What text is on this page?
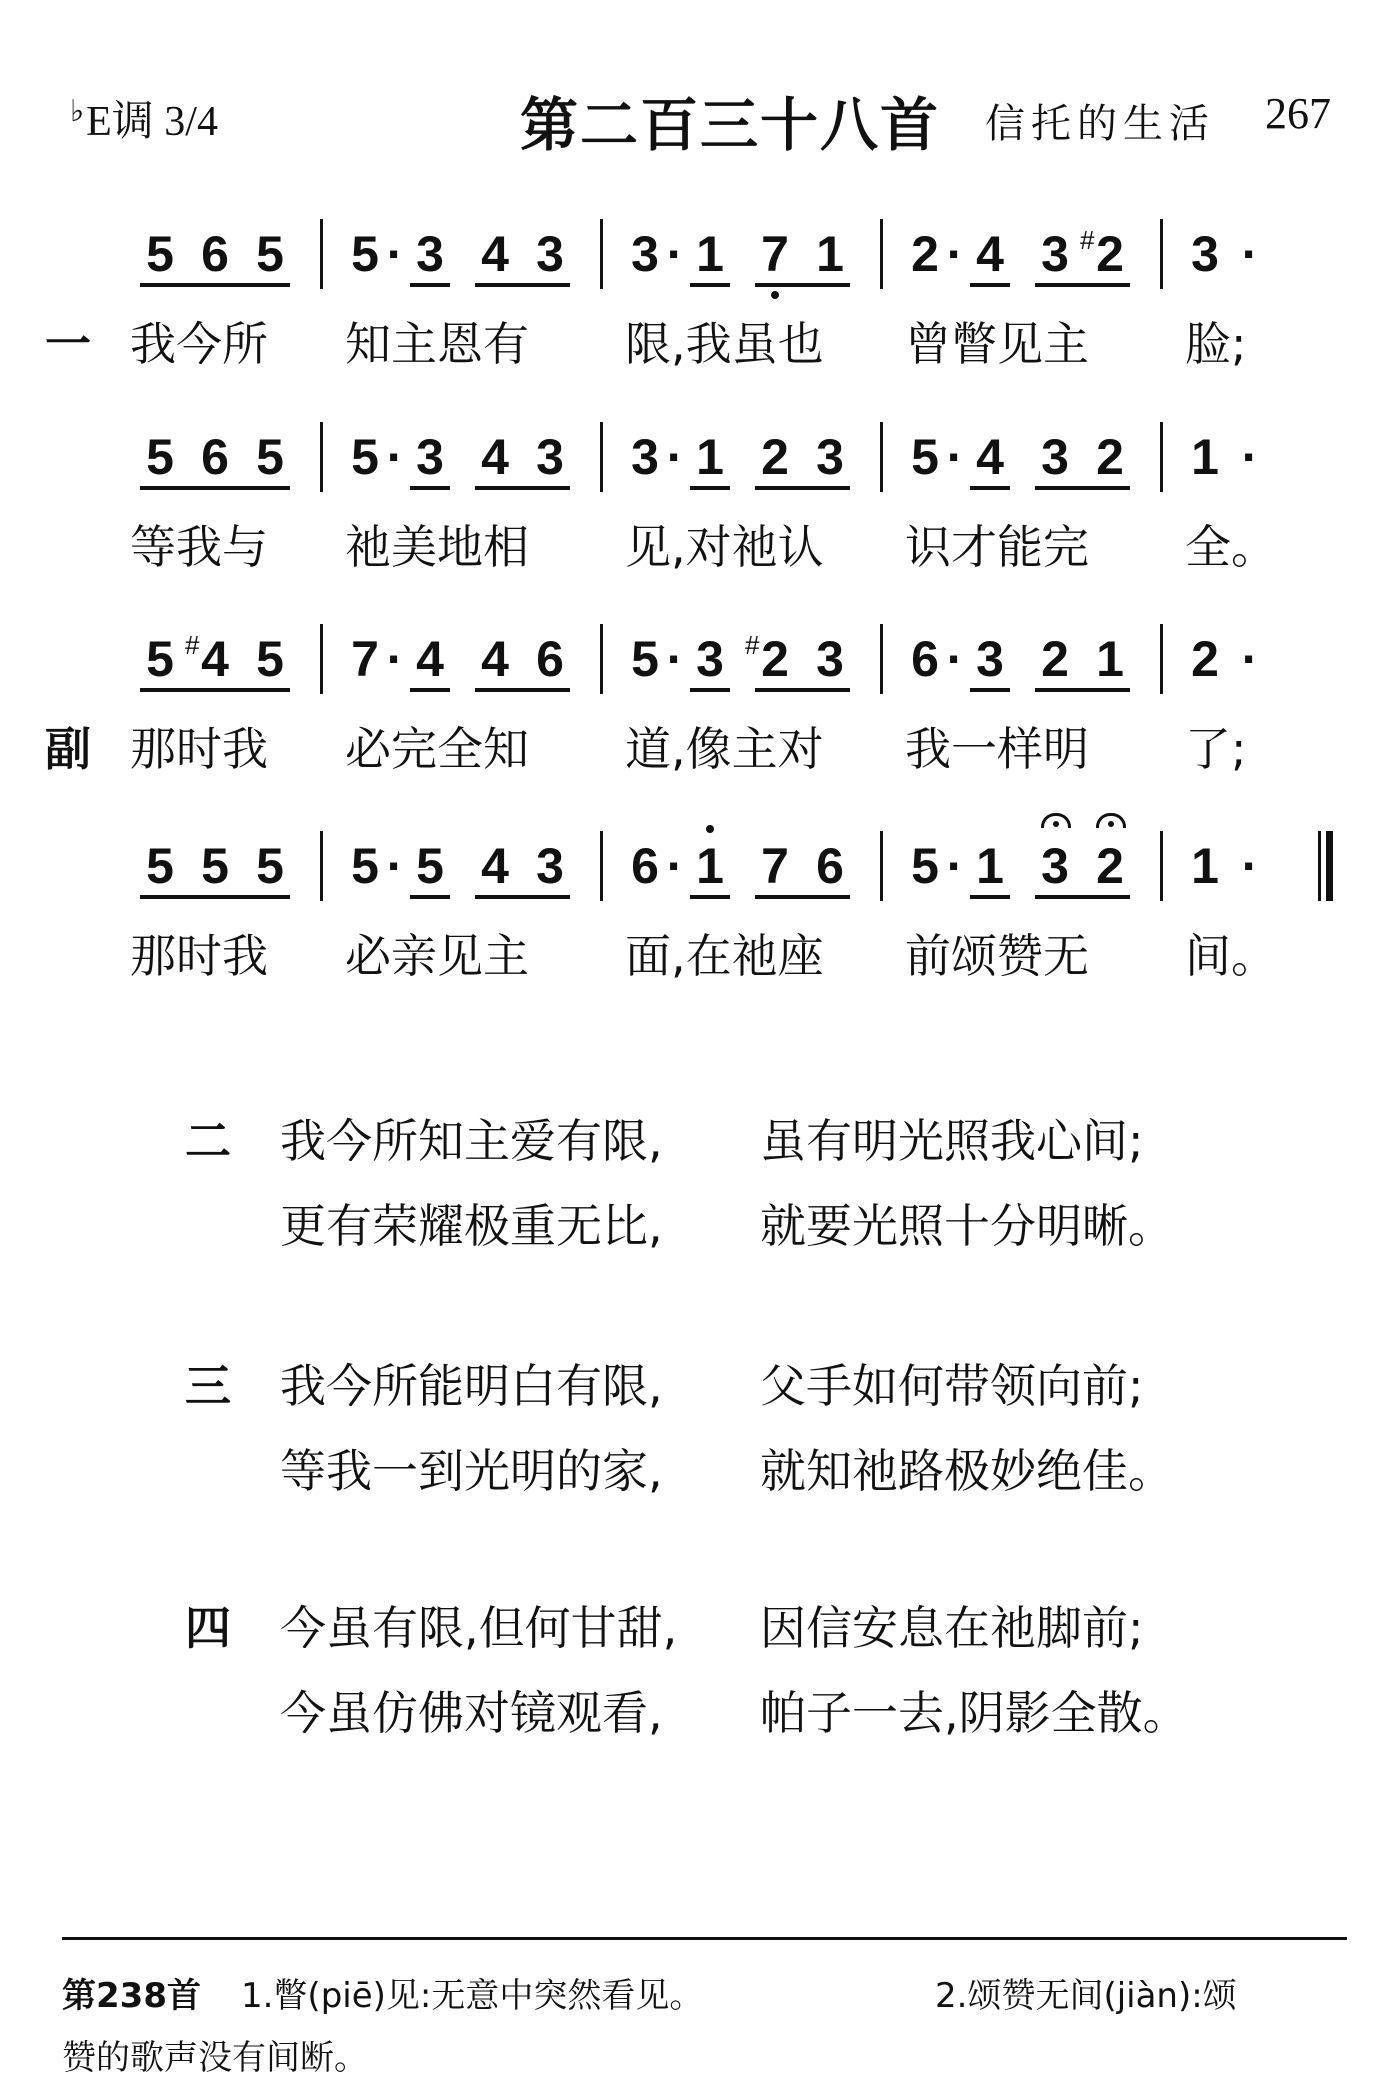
♭E调 3/4	第二百三十八首 信托的生活 267
5 6 5 5 · 3 4 3 3 · 1 7 1 2 · 4 3 2
# 3 ·
一 我今所 知主恩有 限,我虽也 曾瞥见主 脸;
5 6 5 5 · 3 4 3 3 · 1 2 3 5 · 4 3 2 1 ·
等我与 祂美地相 见,对祂认 识才能完 全。
5 4
# 5 7 · 4 4 6 5 · 3 2
# 3 6 · 3 2 1 2 ·
副 那时我 必完全知 道,像主对 我一样明 了;
5 5 5 5 · 5 4 3 6 · 1 7 6 5 · 1 3 2 1 ·
那时我 必亲见主 面,在祂座 前颂赞无 间。
二 我今所知主爱有限, 虽有明光照我心间;
更有荣耀极重无比, 就要光照十分明晰。
三 我今所能明白有限, 父手如何带领向前;
等我一到光明的家, 就知祂路极妙绝佳。
四 今虽有限,但何甘甜, 因信安息在祂脚前;
今虽仿佛对镜观看, 帕子一去,阴影全散。
第238首 1.瞥(piē)见:无意中突然看见。	2.颂赞无间(jiàn):颂
赞的歌声没有间断。
